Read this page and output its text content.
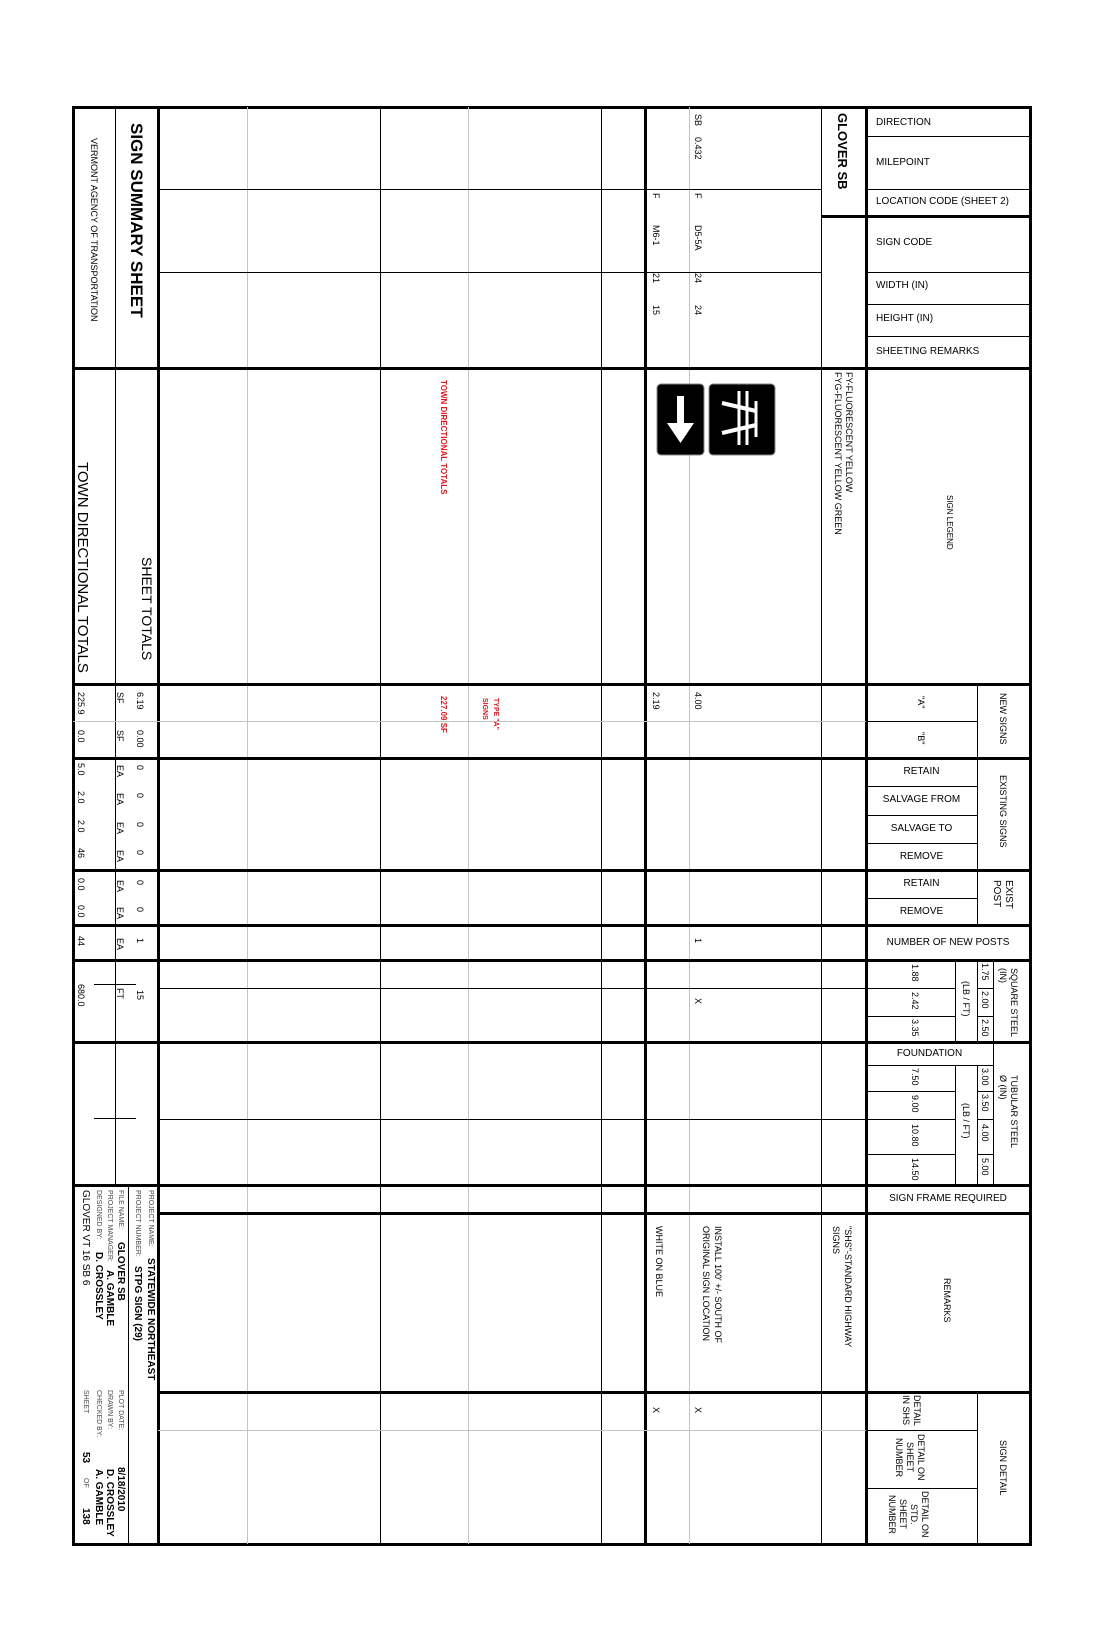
SIGN SUMMARY SHEET
VERMONT AGENCY OF TRANSPORTATION
SHEET TOTALS
TOWN DIRECTIONAL TOTALS
DIRECTION
MILEPOINT
LOCATION CODE (SHEET 2)
SIGN CODE
WIDTH (IN)
HEIGHT (IN)
SHEETING REMARKS
SIGN LEGEND
NEW SIGNS
"A"
"B"
EXISTING SIGNS
RETAIN
SALVAGE FROM
SALVAGE TO
REMOVE
EXIST
POST
RETAIN
REMOVE
NUMBER OF NEW POSTS
SQUARE STEEL
(IN)
1.75
2.00
2.50
(LB / FT)
1.88
2.42
3.35
FOUNDATION
TUBULAR STEEL
Ø (IN)
3.00
3.50
4.00
5.00
(LB / FT)
7.50
9.00
10.80
14.50
SIGN FRAME REQUIRED
REMARKS
SIGN DETAIL
DETAIL
IN SHS
DETAIL ON
SHEET
NUMBER
DETAIL ON
STD.
SHEET
NUMBER
GLOVER SB
FY-FLUORESCENT YELLOW
FYG-FLUORESCENT YELLOW GREEN
"SHS"-STANDARD HIGHWAY
SIGNS
SB
0.432
F
D5-5A
24
24
4.00
1
X
INSTALL 100' +/- SOUTH OF
ORIGINAL SIGN LOCATION
X
F
M6-1
21
15
2.19
WHITE ON BLUE
X
TOWN DIRECTIONAL TOTALS
227.09 SF	TYPE "A"
SIGNS
6.19
0.00
0
0
0
0
0
0
1
15
SF
SF
EA
EA
EA
EA
EA
EA
EA
FT
225.9
0.0
5.0
2.0
2.0
46
0.0
0.0
44
680.0
PROJECT NAME:
STATEWIDE NORTHEAST
PROJECT NUMBER:
STPG SIGN (29)
FILE NAME:
GLOVER SB
PROJECT MANAGER:
A. GAMBLE
DESIGNED BY:
D. CROSSLEY
GLOVER VT 16 SB 6
PLOT DATE:
8/18/2010
DRAWN BY:
D. CROSSLEY
CHECKED BY:
A. GAMBLE
SHEET
53
OF
138
